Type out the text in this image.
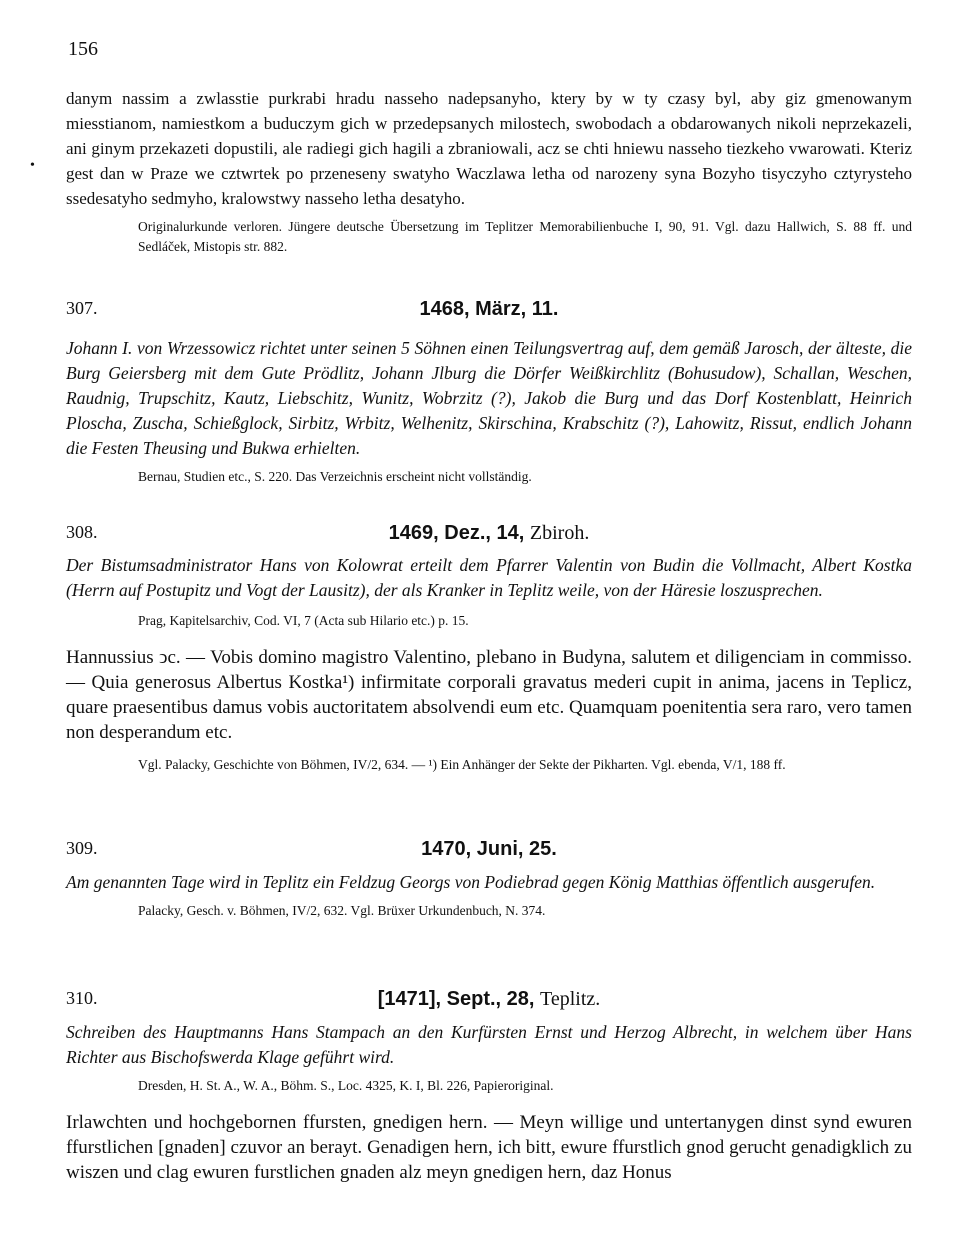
156
•
danym nassim a zwlasstie purkrabi hradu nasseho nadepsanyho, ktery by w ty czasy byl, aby giz gmenowanym miesstianom, namiestkom a buduczym gich w przedepsanych milostech, swobodach a obdarowanych nikoli neprzekazeli, ani ginym przekazeti dopustili, ale radiegi gich hagili a zbraniowali, acz se chti hniewu nasseho tiezkeho vwarowati. Kteriz gest dan w Praze we cztwrtek po przeneseny swatyho Waczlawa letha od narozeny syna Bozyho tisyczyho cztyrysteho ssedesatyho sedmyho, kralowstwy nasseho letha desatyho.
Originalurkunde verloren. Jüngere deutsche Übersetzung im Teplitzer Memorabilienbuche I, 90, 91. Vgl. dazu Hallwich, S. 88 ff. und Sedláček, Mistopis str. 882.
307.	1468, März, 11.
Johann I. von Wrzessowicz richtet unter seinen 5 Söhnen einen Teilungsvertrag auf, dem gemäß Jarosch, der älteste, die Burg Geiersberg mit dem Gute Prödlitz, Johann Jlburg die Dörfer Weißkirchlitz (Bohusudow), Schallan, Weschen, Raudnig, Trupschitz, Kautz, Liebschitz, Wunitz, Wobrzitz (?), Jakob die Burg und das Dorf Kostenblatt, Heinrich Ploscha, Zuscha, Schießglock, Sirbitz, Wrbitz, Welhenitz, Skirschina, Krabschitz (?), Lahowitz, Rissut, endlich Johann die Festen Theusing und Bukwa erhielten.
Bernau, Studien etc., S. 220. Das Verzeichnis erscheint nicht vollständig.
308.	1469, Dez., 14, Zbiroh.
Der Bistumsadministrator Hans von Kolowrat erteilt dem Pfarrer Valentin von Budin die Vollmacht, Albert Kostka (Herrn auf Postupitz und Vogt der Lausitz), der als Kranker in Teplitz weile, von der Häresie loszusprechen.
Prag, Kapitelsarchiv, Cod. VI, 7 (Acta sub Hilario etc.) p. 15.
Hannussius ↄc. — Vobis domino magistro Valentino, plebano in Budyna, salutem et diligenciam in commisso. — Quia generosus Albertus Kostka¹) infirmitate corporali gravatus mederi cupit in anima, jacens in Teplicz, quare praesentibus damus vobis auctoritatem absolvendi eum etc. Quamquam poenitentia sera raro, vero tamen non desperandum etc.
Vgl. Palacky, Geschichte von Böhmen, IV/2, 634. — ¹) Ein Anhänger der Sekte der Pikharten. Vgl. ebenda, V/1, 188 ff.
309.	1470, Juni, 25.
Am genannten Tage wird in Teplitz ein Feldzug Georgs von Podiebrad gegen König Matthias öffentlich ausgerufen.
Palacky, Gesch. v. Böhmen, IV/2, 632. Vgl. Brüxer Urkundenbuch, N. 374.
310.	[1471], Sept., 28, Teplitz.
Schreiben des Hauptmanns Hans Stampach an den Kurfürsten Ernst und Herzog Albrecht, in welchem über Hans Richter aus Bischofswerda Klage geführt wird.
Dresden, H. St. A., W. A., Böhm. S., Loc. 4325, K. I, Bl. 226, Papieroriginal.
Irlawchten und hochgebornen ffursten, gnedigen hern. — Meyn willige und untertanygen dinst synd ewuren ffurstlichen [gnaden] czuvor an berayt. Genadigen hern, ich bitt, ewure ffurstlich gnod gerucht genadigklich zu wiszen und clag ewuren furstlichen gnaden alz meyn gnedigen hern, daz Honus
